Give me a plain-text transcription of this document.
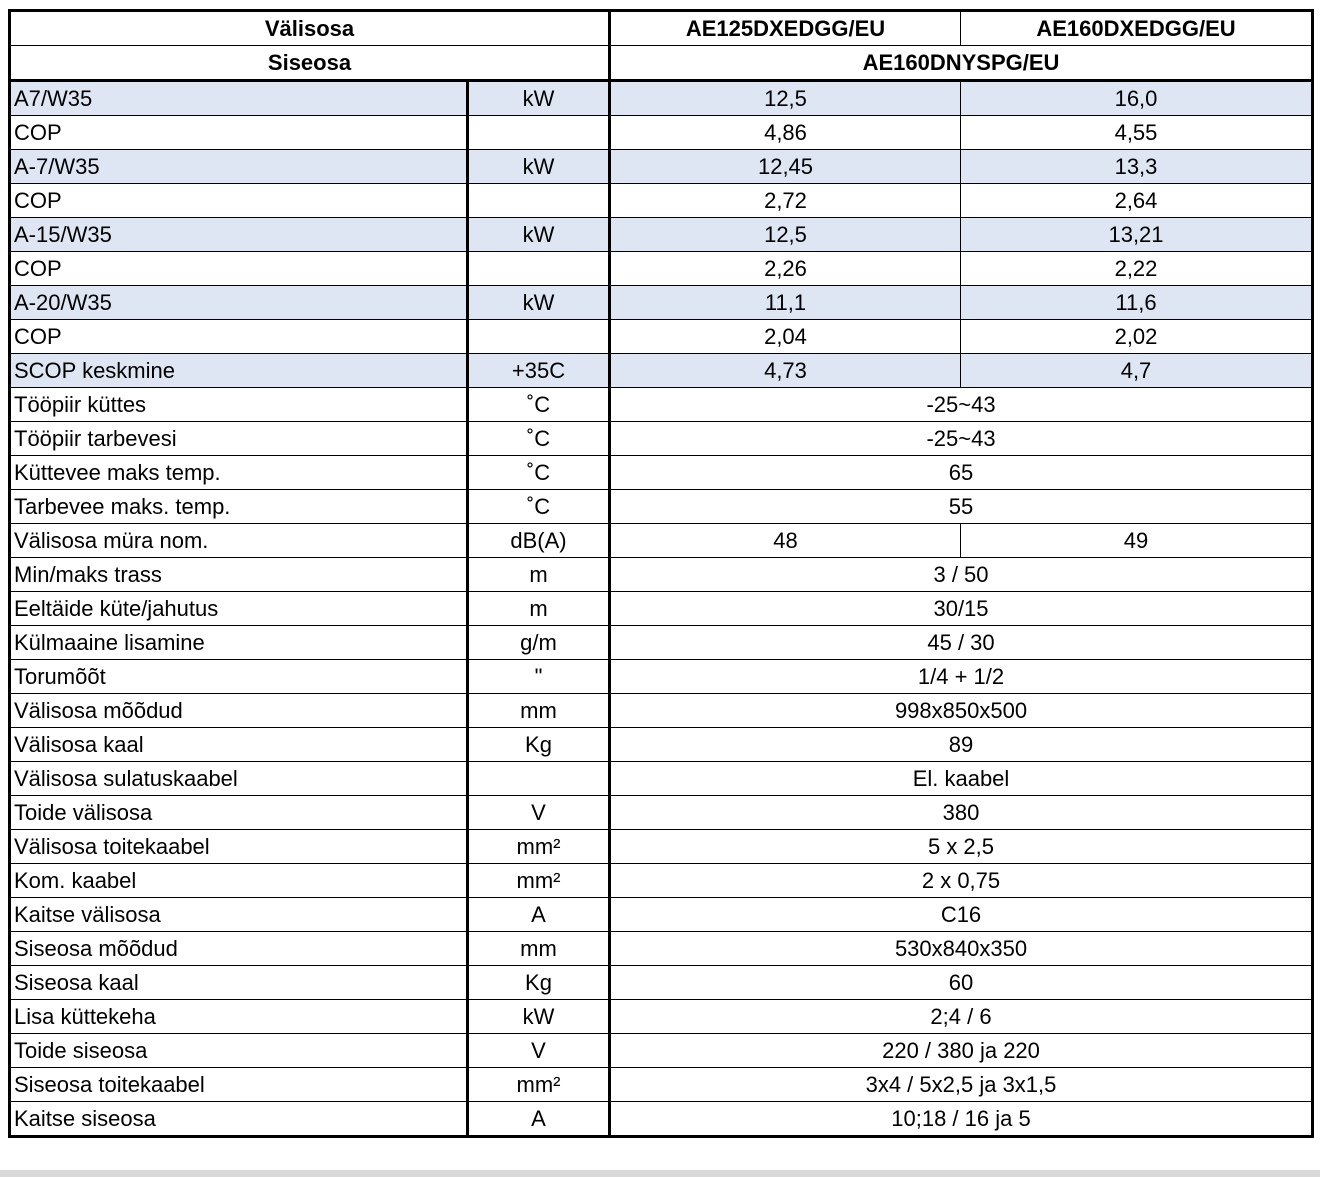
Välisosa		AE125DXEDGG/EU	AE160DXEDGG/EU
Siseosa		AE160DNYSPG/EU	
A7/W35	kW	12,5	16,0
COP		4,86	4,55
A-7/W35	kW	12,45	13,3
COP		2,72	2,64
A-15/W35	kW	12,5	13,21
COP		2,26	2,22
A-20/W35	kW	11,1	11,6
COP		2,04	2,02
SCOP keskmine	+35C	4,73	4,7
Tööpiir küttes	˚C	-25~43	
Tööpiir tarbevesi	˚C	-25~43	
Küttevee maks temp.	˚C	65	
Tarbevee maks. temp.	˚C	55	
Välisosa müra nom.	dB(A)	48	49
Min/maks trass	m	3 / 50	
Eeltäide küte/jahutus	m	30/15	
Külmaaine lisamine	g/m	45 / 30	
Torumõõt	"	1/4 + 1/2	
Välisosa mõõdud	mm	998x850x500	
Välisosa kaal	Kg	89	
Välisosa sulatuskaabel		El. kaabel	
Toide välisosa	V	380	
Välisosa toitekaabel	mm²	5 x 2,5	
Kom. kaabel	mm²	2 x 0,75	
Kaitse välisosa	A	C16	
Siseosa mõõdud	mm	530x840x350	
Siseosa kaal	Kg	60	
Lisa küttekeha	kW	2;4 / 6	
Toide siseosa	V	220 / 380 ja 220	
Siseosa toitekaabel	mm²	3x4 / 5x2,5 ja 3x1,5	
Kaitse siseosa	A	10;18 / 16 ja 5	
